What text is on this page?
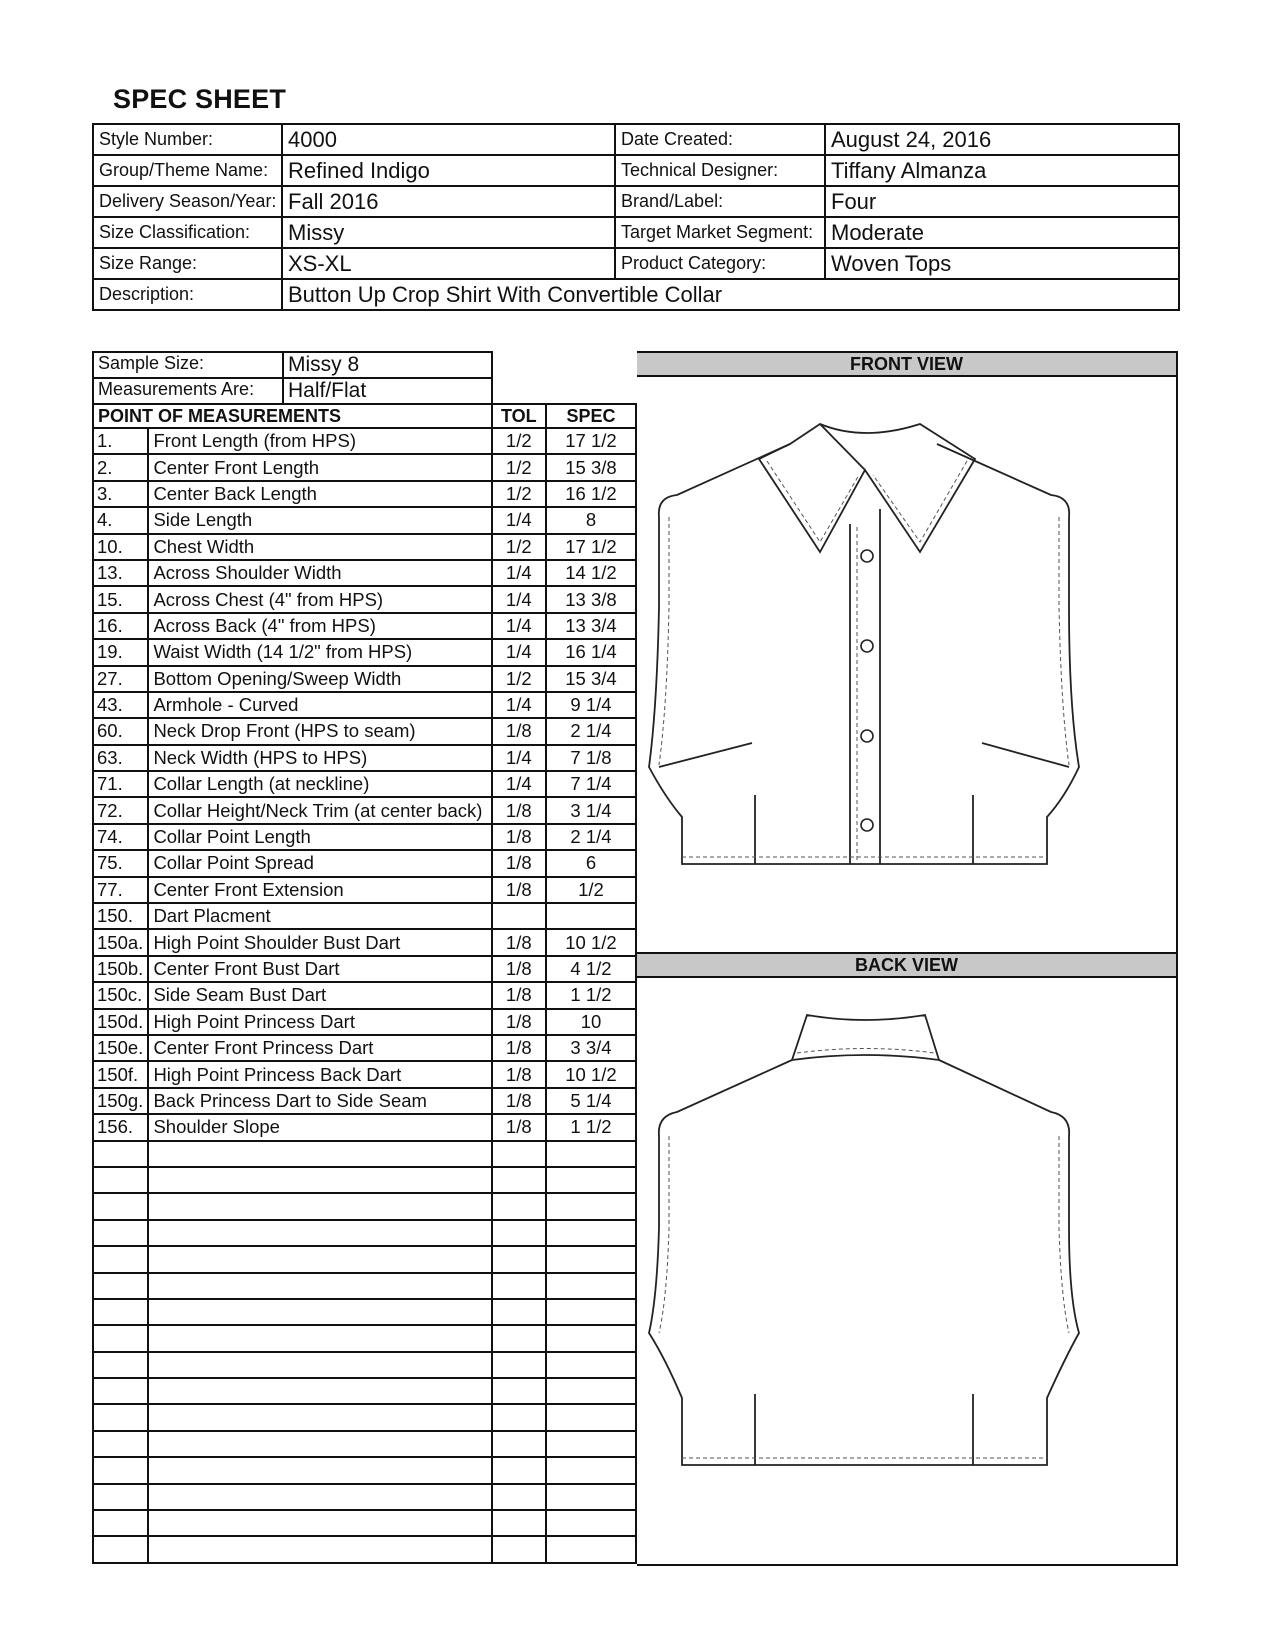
SPEC SHEET
Style Number:	4000	Date Created:	August 24, 2016
Group/Theme Name:	Refined Indigo	Technical Designer:	Tiffany Almanza
Delivery Season/Year:	Fall 2016	Brand/Label:	Four
Size Classification:	Missy	Target Market Segment:	Moderate
Size Range:	XS-XL	Product Category:	Woven Tops
Description:	Button Up Crop Shirt With Convertible Collar		
Sample Size: Missy 8			

Measurements Are: Half/Flat			

POINT OF MEASUREMENTS		TOL	SPEC
1.	Front Length (from HPS)	1/2	17 1/2
2.	Center Front Length	1/2	15 3/8
3.	Center Back Length	1/2	16 1/2
4.	Side Length	1/4	8
10.	Chest Width	1/2	17 1/2
13.	Across Shoulder Width	1/4	14 1/2
15.	Across Chest (4" from HPS)	1/4	13 3/8
16.	Across Back (4" from HPS)	1/4	13 3/4
19.	Waist Width (14 1/2" from HPS)	1/4	16 1/4
27.	Bottom Opening/Sweep Width	1/2	15 3/4
43.	Armhole - Curved	1/4	9 1/4
60.	Neck Drop Front (HPS to seam)	1/8	2 1/4
63.	Neck Width (HPS to HPS)	1/4	7 1/8
71.	Collar Length (at neckline)	1/4	7 1/4
72.	Collar Height/Neck Trim (at center back)	1/8	3 1/4
74.	Collar Point Length	1/8	2 1/4
75.	Collar Point Spread	1/8	6
77.	Center Front Extension	1/8	1/2
150.	Dart Placment		
150a.	High Point Shoulder Bust Dart	1/8	10 1/2
150b.	Center Front Bust Dart	1/8	4 1/2
150c.	Side Seam Bust Dart	1/8	1 1/2
150d.	High Point Princess Dart	1/8	10
150e.	Center Front Princess Dart	1/8	3 3/4
150f.	High Point Princess Back Dart	1/8	10 1/2
150g.	Back Princess Dart to Side Seam	1/8	5 1/4
156.	Shoulder Slope	1/8	1 1/2

FRONT VIEW
BACK VIEW
